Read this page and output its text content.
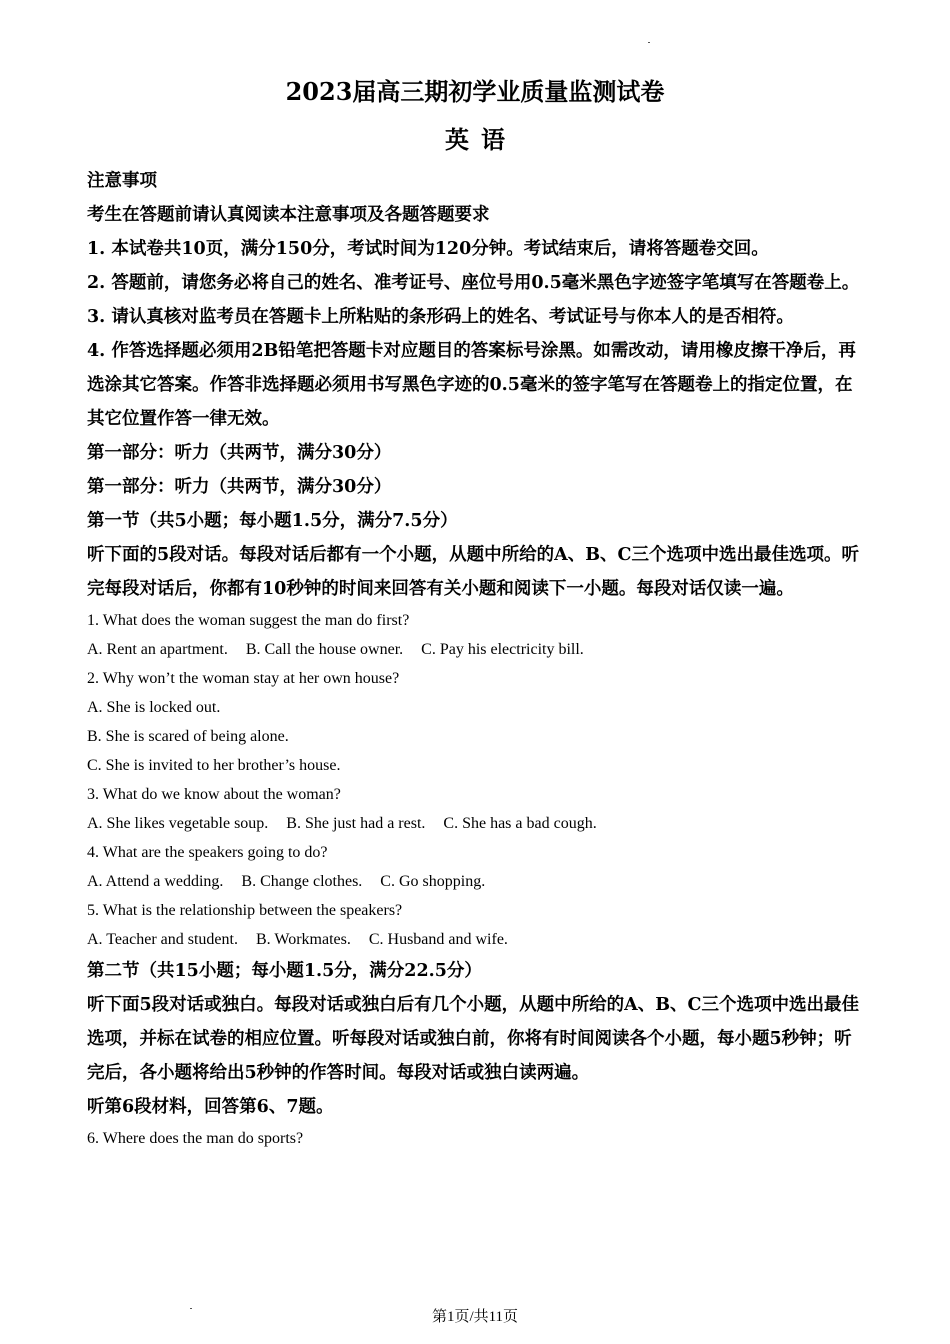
2023届高三期初学业质量监测试卷
英语

注意事项

考生在答题前请认真阅读本注意事项及各题答题要求

1. 本试卷共10页，满分150分，考试时间为120分钟。考试结束后，请将答题卷交回。

2. 答题前，请您务必将自己的姓名、准考证号、座位号用0.5毫米黑色字迹签字笔填写在答题卷上。

3. 请认真核对监考员在答题卡上所粘贴的条形码上的姓名、考试证号与你本人的是否相符。

4. 作答选择题必须用2B铅笔把答题卡对应题目的答案标号涂黑。如需改动，请用橡皮擦干净后，再选涂其它答案。作答非选择题必须用书写黑色字迹的0.5毫米的签字笔写在答题卷上的指定位置，在其它位置作答一律无效。

第一部分：听力（共两节，满分30分）

第一部分：听力（共两节，满分30分）

第一节（共5小题；每小题1.5分，满分7.5分）

听下面的5段对话。每段对话后都有一个小题，从题中所给的A、B、C三个选项中选出最佳选项。听完每段对话后，你都有10秒钟的时间来回答有关小题和阅读下一小题。每段对话仅读一遍。

1. What does the woman suggest the man do first?

A. Rent an apartment. B. Call the house owner. C. Pay his electricity bill.

2. Why won’t the woman stay at her own house?

A. She is locked out.

B. She is scared of being alone.

C. She is invited to her brother’s house.

3. What do we know about the woman?

A. She likes vegetable soup. B. She just had a rest. C. She has a bad cough.

4. What are the speakers going to do?

A. Attend a wedding. B. Change clothes. C. Go shopping.

5. What is the relationship between the speakers?

A. Teacher and student. B. Workmates. C. Husband and wife.

第二节（共15小题；每小题1.5分，满分22.5分）

听下面5段对话或独白。每段对话或独白后有几个小题，从题中所给的A、B、C三个选项中选出最佳选项，并标在试卷的相应位置。听每段对话或独白前，你将有时间阅读各个小题，每小题5秒钟；听完后，各小题将给出5秒钟的作答时间。每段对话或独白读两遍。

听第6段材料，回答第6、7题。

6. Where does the man do sports?

第1页/共11页
